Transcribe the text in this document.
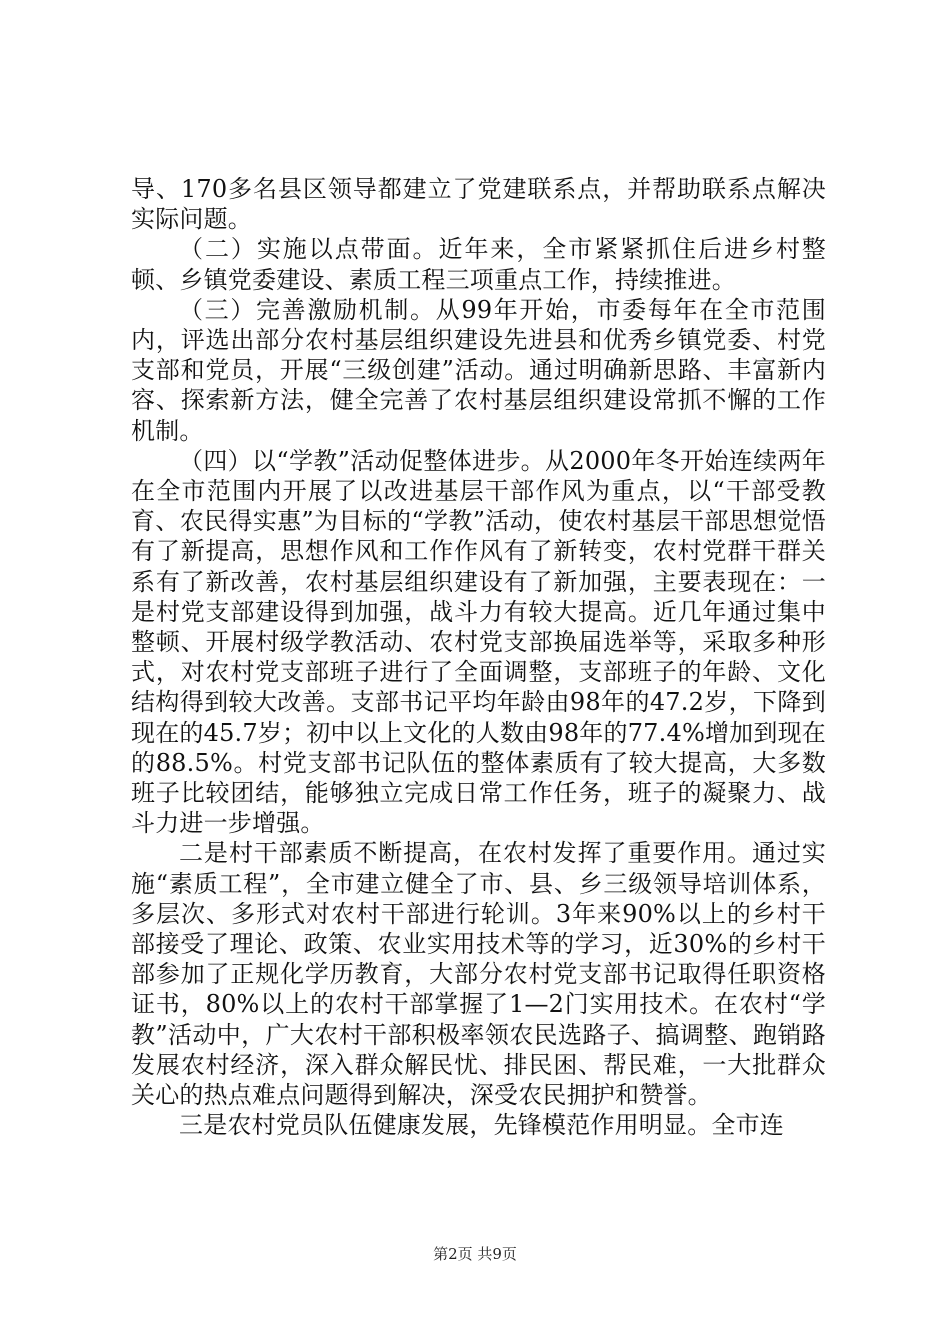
导、170多名县区领导都建立了党建联系点，并帮助联系点解决实际问题。

（二）实施以点带面。近年来，全市紧紧抓住后进乡村整顿、乡镇党委建设、素质工程三项重点工作，持续推进。

（三）完善激励机制。从99年开始，市委每年在全市范围内，评选出部分农村基层组织建设先进县和优秀乡镇党委、村党支部和党员，开展“三级创建”活动。通过明确新思路、丰富新内容、探索新方法，健全完善了农村基层组织建设常抓不懈的工作机制。

（四）以“学教”活动促整体进步。从2000年冬开始连续两年在全市范围内开展了以改进基层干部作风为重点，以“干部受教育、农民得实惠”为目标的“学教”活动，使农村基层干部思想觉悟有了新提高，思想作风和工作作风有了新转变，农村党群干群关系有了新改善，农村基层组织建设有了新加强，主要表现在：一是村党支部建设得到加强，战斗力有较大提高。近几年通过集中整顿、开展村级学教活动、农村党支部换届选举等，采取多种形式，对农村党支部班子进行了全面调整，支部班子的年龄、文化结构得到较大改善。支部书记平均年龄由98年的47.2岁，下降到现在的45.7岁；初中以上文化的人数由98年的77.4%增加到现在的88.5%。村党支部书记队伍的整体素质有了较大提高，大多数班子比较团结，能够独立完成日常工作任务，班子的凝聚力、战斗力进一步增强。

二是村干部素质不断提高，在农村发挥了重要作用。通过实施“素质工程”，全市建立健全了市、县、乡三级领导培训体系，多层次、多形式对农村干部进行轮训。3年来90%以上的乡村干部接受了理论、政策、农业实用技术等的学习，近30%的乡村干部参加了正规化学历教育，大部分农村党支部书记取得任职资格证书，80%以上的农村干部掌握了1—2门实用技术。在农村“学教”活动中，广大农村干部积极率领农民选路子、搞调整、跑销路发展农村经济，深入群众解民忧、排民困、帮民难，一大批群众关心的热点难点问题得到解决，深受农民拥护和赞誉。

三是农村党员队伍健康发展，先锋模范作用明显。全市连

第2页 共9页
